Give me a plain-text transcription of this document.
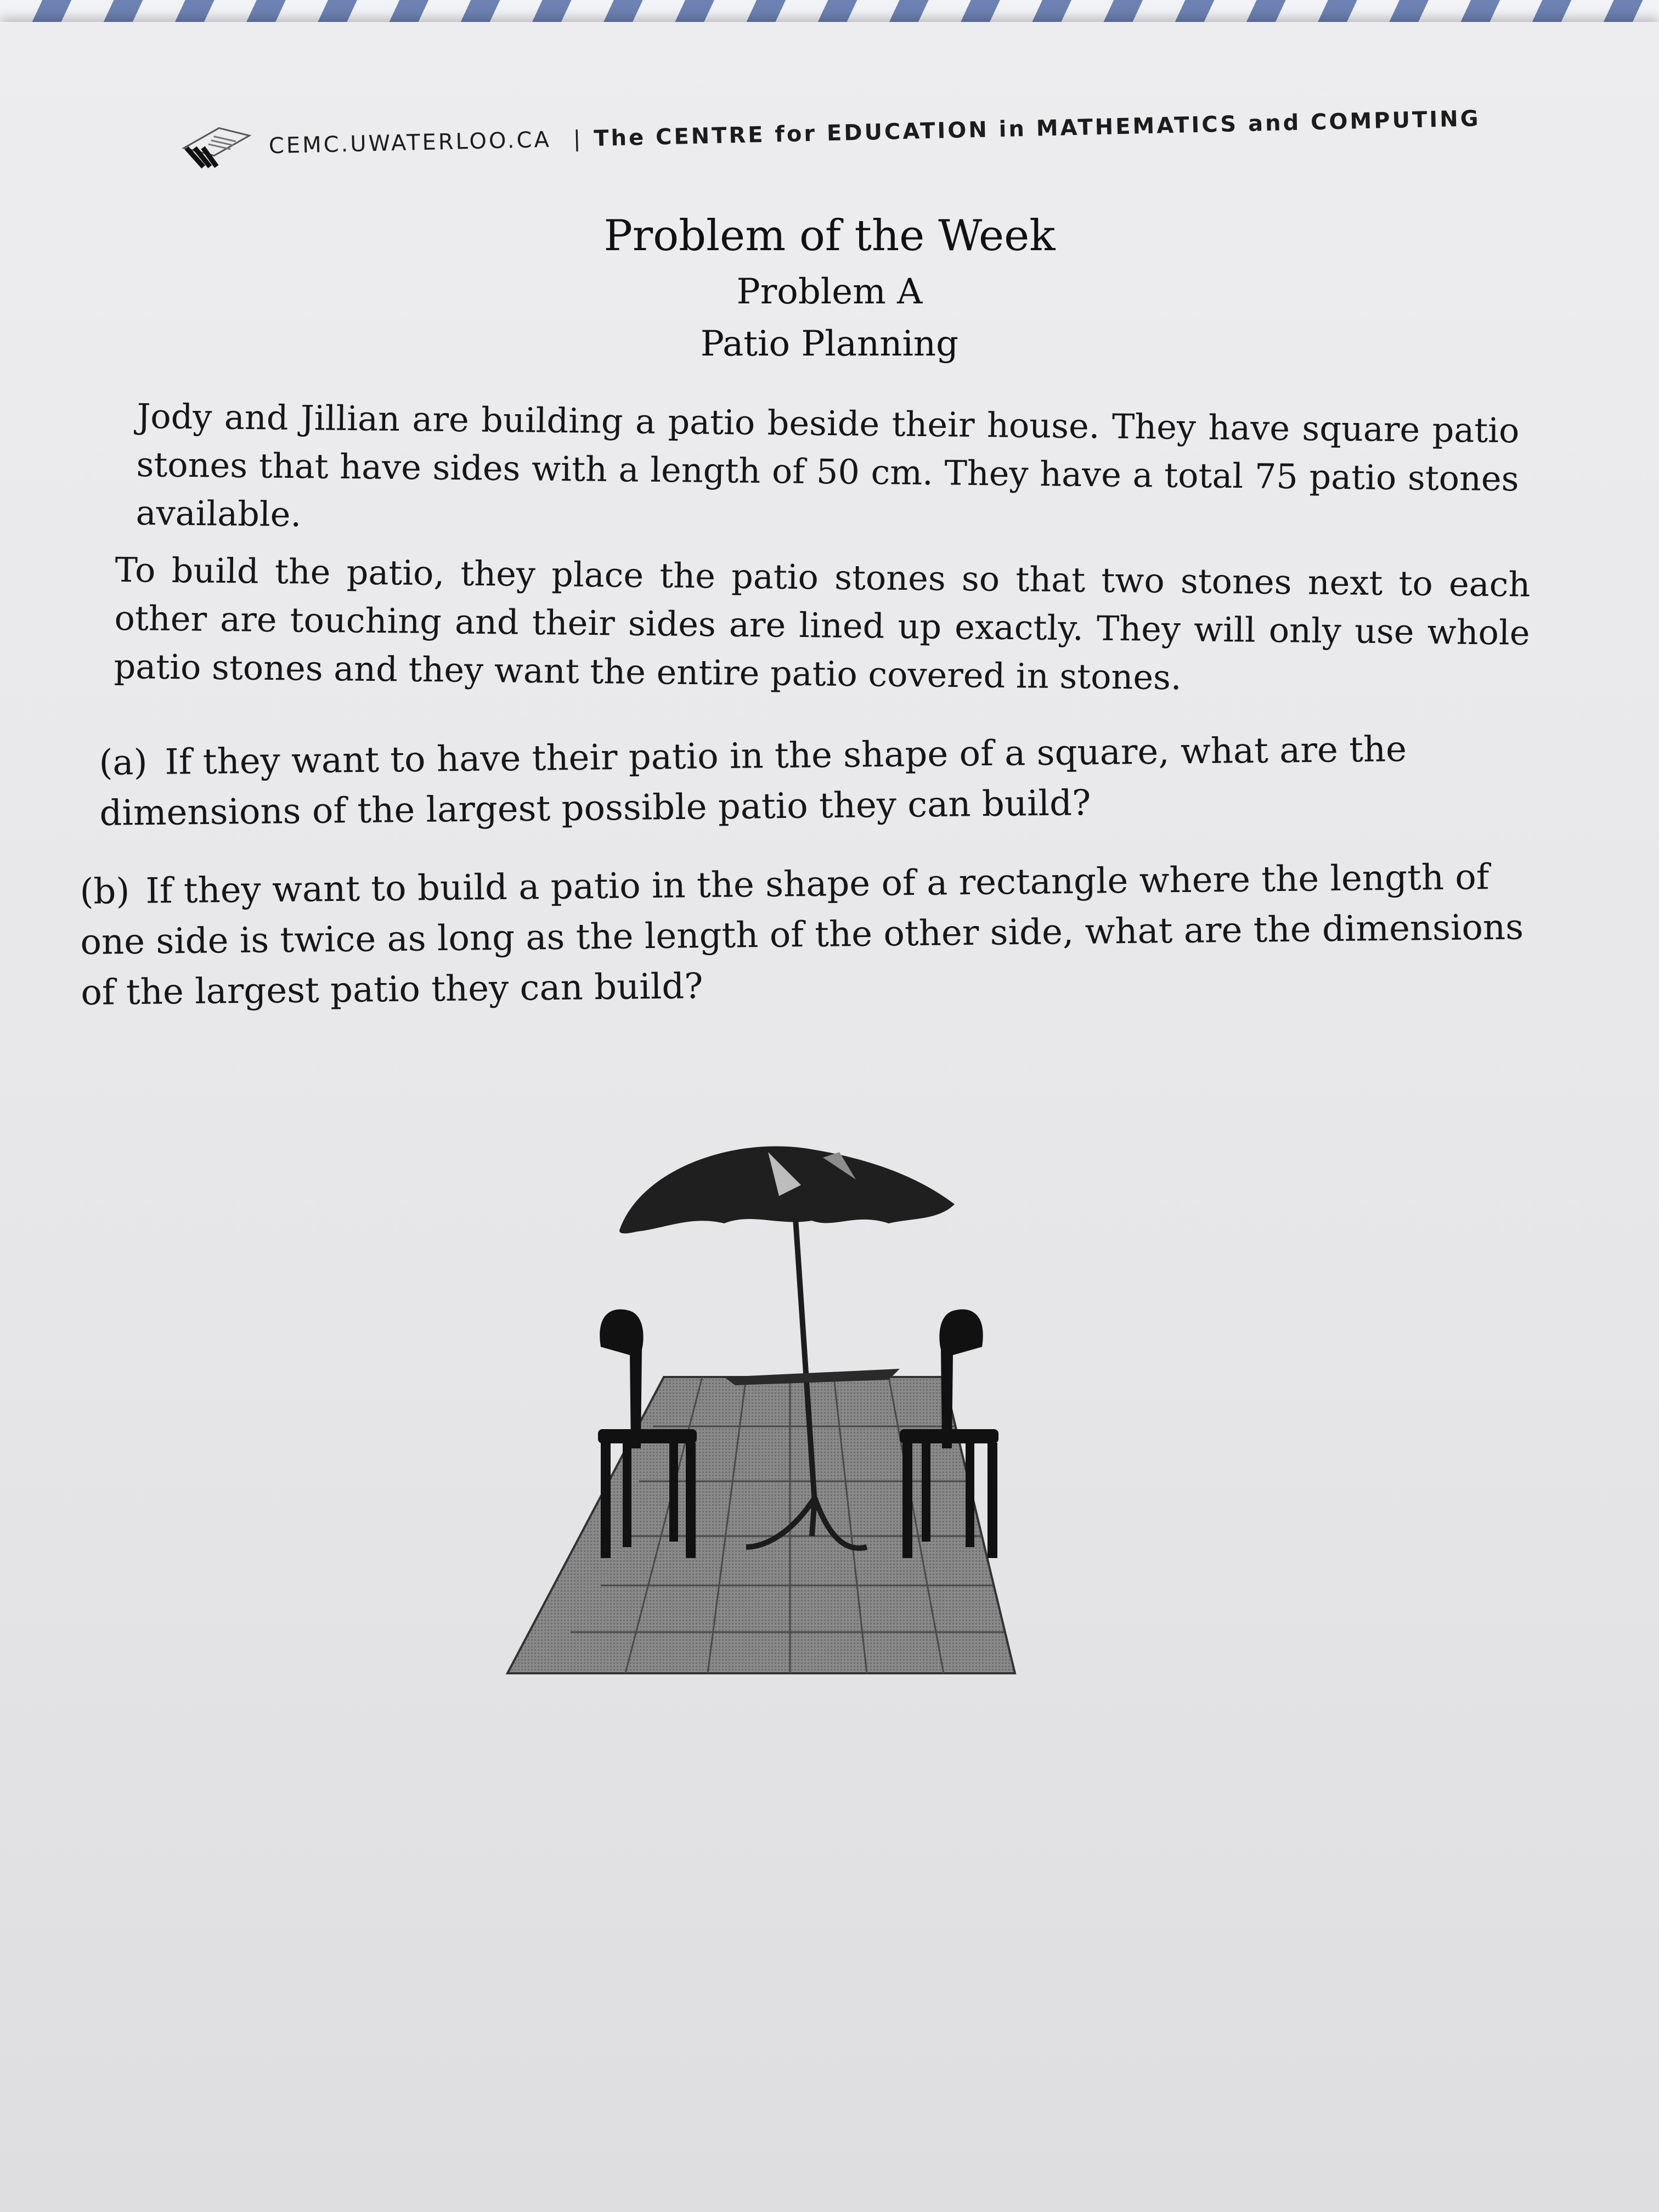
CEMC.UWATERLOO.CA | The CENTRE for EDUCATION in MATHEMATICS and COMPUTING
Problem of the Week
Problem A
Patio Planning
Jody and Jillian are building a patio beside their house. They have square patio stones that have sides with a length of 50 cm. They have a total 75 patio stones available.
To build the patio, they place the patio stones so that two stones next to each other are touching and their sides are lined up exactly. They will only use whole patio stones and they want the entire patio covered in stones.
(a) If they want to have their patio in the shape of a square, what are the dimensions of the largest possible patio they can build?
(b) If they want to build a patio in the shape of a rectangle where the length of one side is twice as long as the length of the other side, what are the dimensions of the largest patio they can build?
